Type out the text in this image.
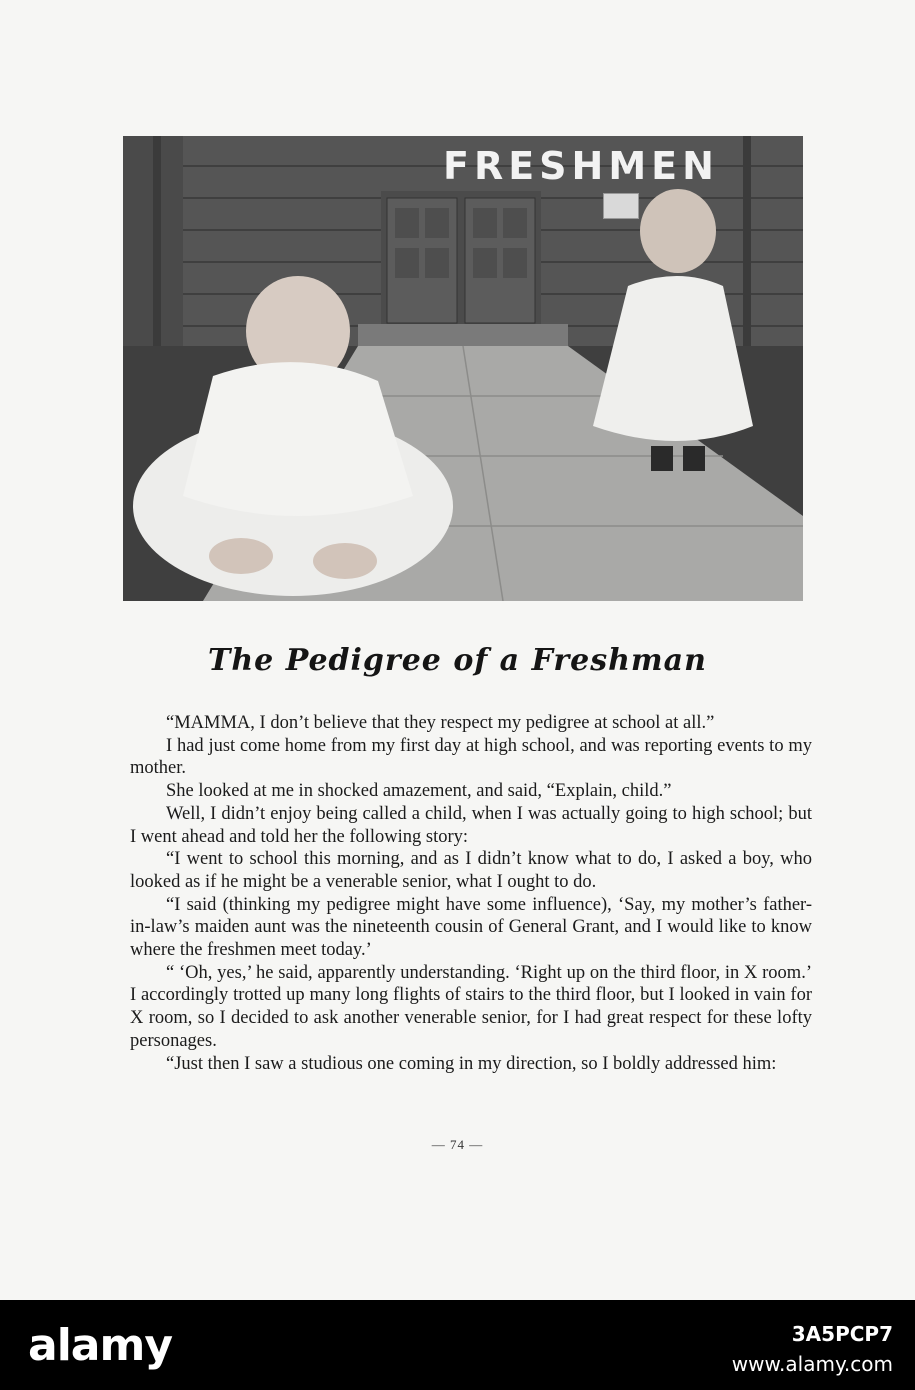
FRESHMEN
The Pedigree of a Freshman

“MAMMA, I don’t believe that they respect my pedigree at school at all.”

I had just come home from my first day at high school, and was reporting events to my mother.

She looked at me in shocked amazement, and said, “Explain, child.”

Well, I didn’t enjoy being called a child, when I was actually going to high school; but I went ahead and told her the following story:

“I went to school this morning, and as I didn’t know what to do, I asked a boy, who looked as if he might be a venerable senior, what I ought to do.

“I said (thinking my pedigree might have some influence), ‘Say, my mother’s father-in-law’s maiden aunt was the nineteenth cousin of General Grant, and I would like to know where the freshmen meet today.’

“ ‘Oh, yes,’ he said, apparently understanding. ‘Right up on the third floor, in X room.’ I accordingly trotted up many long flights of stairs to the third floor, but I looked in vain for X room, so I decided to ask another venerable senior, for I had great respect for these lofty personages.

“Just then I saw a studious one coming in my direction, so I boldly addressed him:

— 74 —
alamy	3A5PCP7
www.alamy.com
